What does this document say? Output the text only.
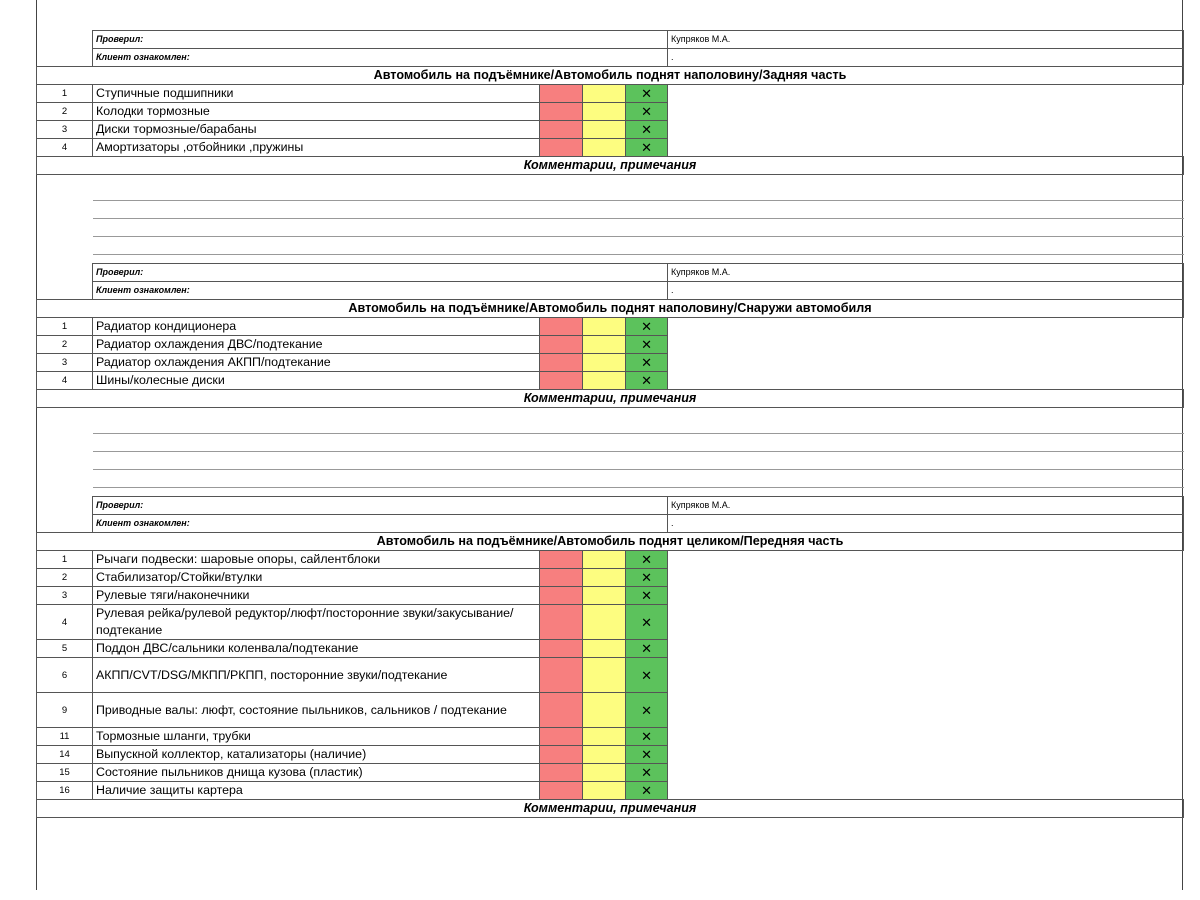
	Проверил:				Купряков М.А.
	Клиент ознакомлен:				.
Автомобиль на подъёмнике/Автомобиль поднят наполовину/Задняя часть					
1	Ступичные подшипники			✕	
2	Колодки тормозные			✕	
3	Диски тормозные/барабаны			✕	
4	Амортизаторы ,отбойники ,пружины			✕	
Комментарии, примечания					

	Проверил:				Купряков М.А.
	Клиент ознакомлен:				.
Автомобиль на подъёмнике/Автомобиль поднят наполовину/Снаружи автомобиля					
1	Радиатор кондиционера			✕	
2	Радиатор охлаждения ДВС/подтекание			✕	
3	Радиатор охлаждения АКПП/подтекание			✕	
4	Шины/колесные диски			✕	
Комментарии, примечания					

	Проверил:				Купряков М.А.
	Клиент ознакомлен:				.
Автомобиль на подъёмнике/Автомобиль поднят целиком/Передняя часть					
1	Рычаги подвески: шаровые опоры, сайлентблоки			✕	
2	Стабилизатор/Стойки/втулки			✕	
3	Рулевые тяги/наконечники			✕	
4	Рулевая рейка/рулевой редуктор/люфт/посторонние звуки/закусывание/подтекание			✕	
5	Поддон ДВС/сальники коленвала/подтекание			✕	
6	АКПП/CVT/DSG/МКПП/РКПП, посторонние звуки/подтекание			✕	
9	Приводные валы: люфт, состояние пыльников, сальников / подтекание			✕	
11	Тормозные шланги, трубки			✕	
14	Выпускной коллектор, катализаторы (наличие)			✕	
15	Состояние пыльников днища кузова (пластик)			✕	
16	Наличие защиты картера			✕	
Комментарии, примечания					
